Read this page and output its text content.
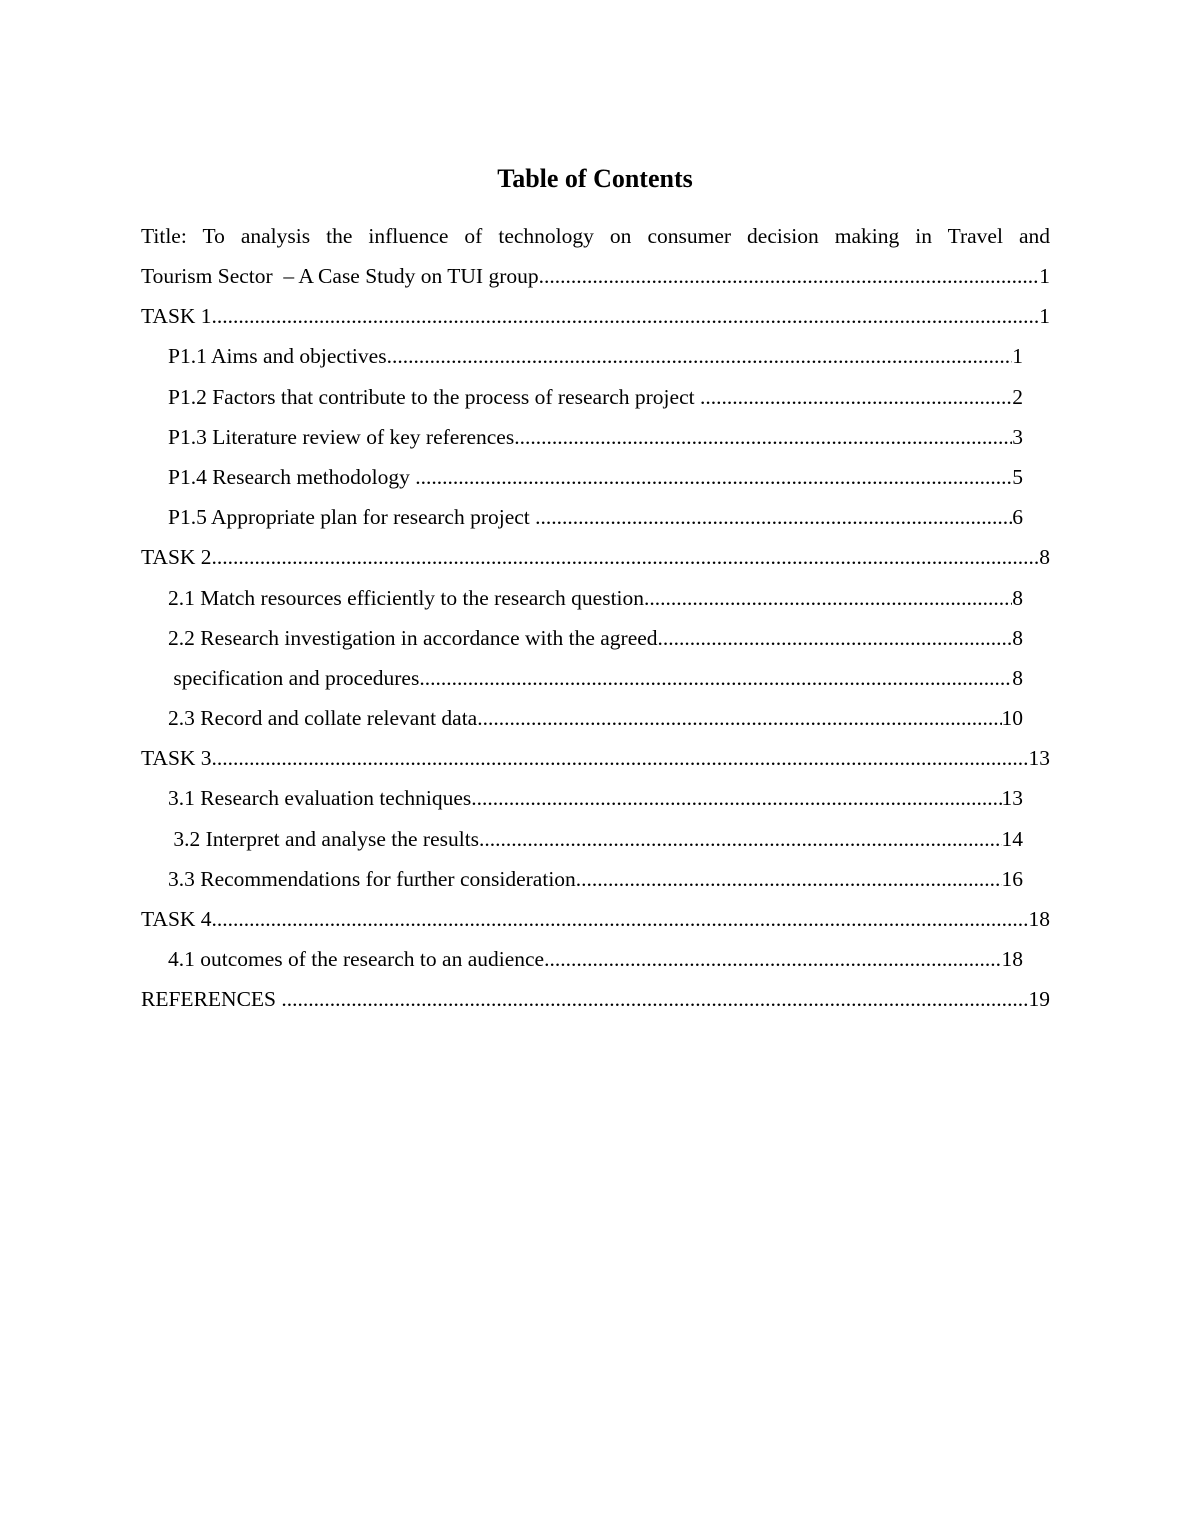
Table of Contents
Title: To analysis the influence of technology on consumer decision making in Travel and
Tourism Sector  – A Case Study on TUI group .....	1
TASK 1 .....	1
P1.1 Aims and objectives .....	1
P1.2 Factors that contribute to the process of research project .....	2
P1.3 Literature review of key references .....	3
P1.4 Research methodology .....	5
P1.5 Appropriate plan for research project .....	6
TASK 2 .....	8
2.1 Match resources efficiently to the research question .....	8
2.2 Research investigation in accordance with the agreed .....	8
specification and procedures .....	8
2.3 Record and collate relevant data .....	10
TASK 3 .....	13
3.1 Research evaluation techniques .....	13
3.2 Interpret and analyse the results .....	14
3.3 Recommendations for further consideration .....	16
TASK 4 .....	18
4.1 outcomes of the research to an audience .....	18
REFERENCES .....	19
